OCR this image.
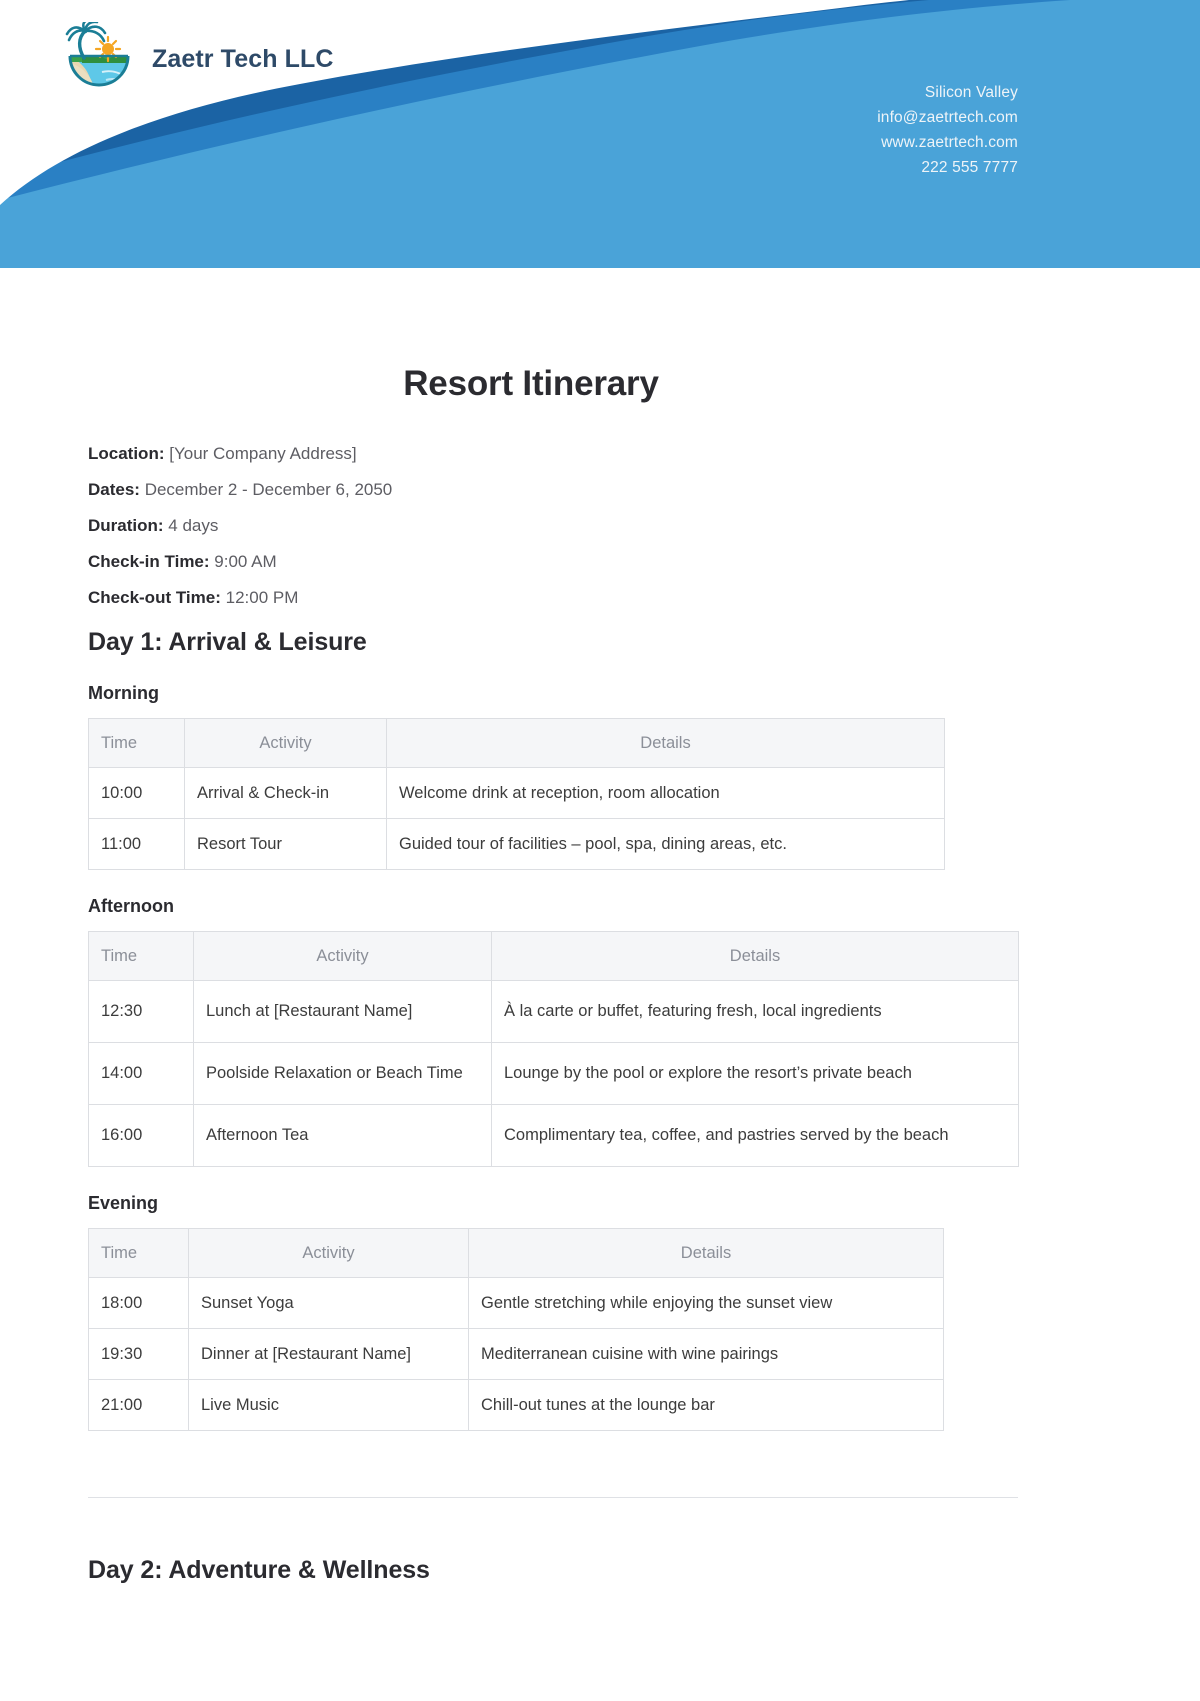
Zaetr Tech LLC
Silicon Valley
info@zaetrtech.com
www.zaetrtech.com
222 555 7777
Resort Itinerary
Location: [Your Company Address]
Dates: December 2 - December 6, 2050
Duration: 4 days
Check-in Time: 9:00 AM
Check-out Time: 12:00 PM
Day 1: Arrival & Leisure
Morning
Time	Activity	Details
10:00	Arrival & Check-in	Welcome drink at reception, room allocation
11:00	Resort Tour	Guided tour of facilities – pool, spa, dining areas, etc.
Afternoon
Time	Activity	Details
12:30	Lunch at [Restaurant Name]	À la carte or buffet, featuring fresh, local ingredients
14:00	Poolside Relaxation or Beach Time	Lounge by the pool or explore the resort’s private beach
16:00	Afternoon Tea	Complimentary tea, coffee, and pastries served by the beach
Evening
Time	Activity	Details
18:00	Sunset Yoga	Gentle stretching while enjoying the sunset view
19:30	Dinner at [Restaurant Name]	Mediterranean cuisine with wine pairings
21:00	Live Music	Chill-out tunes at the lounge bar
Day 2: Adventure & Wellness
